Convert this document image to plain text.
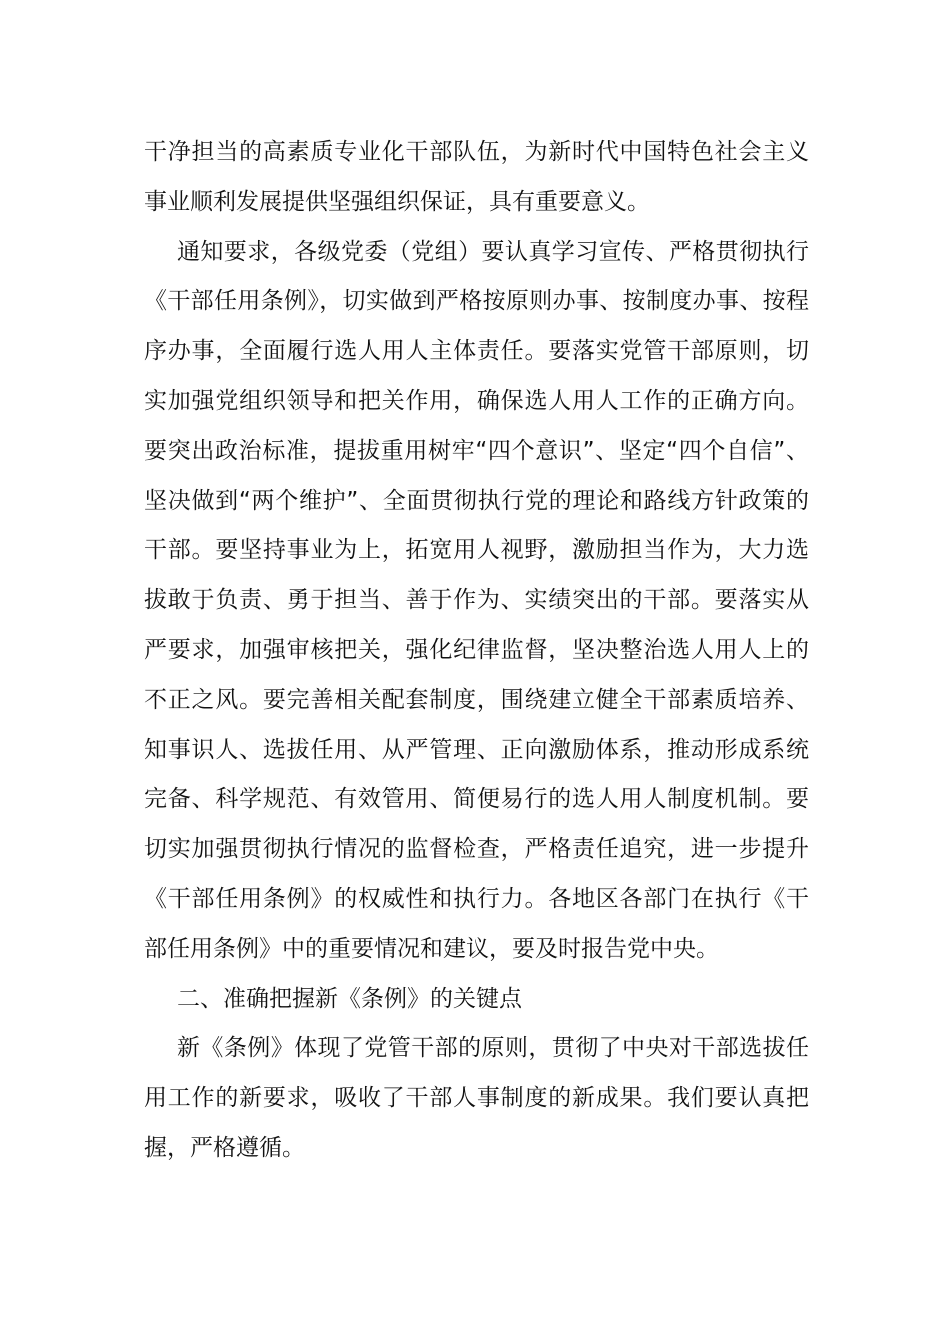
干净担当的高素质专业化干部队伍，为新时代中国特色社会主义事业顺利发展提供坚强组织保证，具有重要意义。

通知要求，各级党委（党组）要认真学习宣传、严格贯彻执行《干部任用条例》，切实做到严格按原则办事、按制度办事、按程序办事，全面履行选人用人主体责任。要落实党管干部原则，切实加强党组织领导和把关作用，确保选人用人工作的正确方向。要突出政治标准，提拔重用树牢“四个意识”、坚定“四个自信”、坚决做到“两个维护”、全面贯彻执行党的理论和路线方针政策的干部。要坚持事业为上，拓宽用人视野，激励担当作为，大力选拔敢于负责、勇于担当、善于作为、实绩突出的干部。要落实从严要求，加强审核把关，强化纪律监督，坚决整治选人用人上的不正之风。要完善相关配套制度，围绕建立健全干部素质培养、知事识人、选拔任用、从严管理、正向激励体系，推动形成系统完备、科学规范、有效管用、简便易行的选人用人制度机制。要切实加强贯彻执行情况的监督检查，严格责任追究，进一步提升《干部任用条例》的权威性和执行力。各地区各部门在执行《干部任用条例》中的重要情况和建议，要及时报告党中央。

二、准确把握新《条例》的关键点

新《条例》体现了党管干部的原则，贯彻了中央对干部选拔任用工作的新要求，吸收了干部人事制度的新成果。我们要认真把握，严格遵循。
